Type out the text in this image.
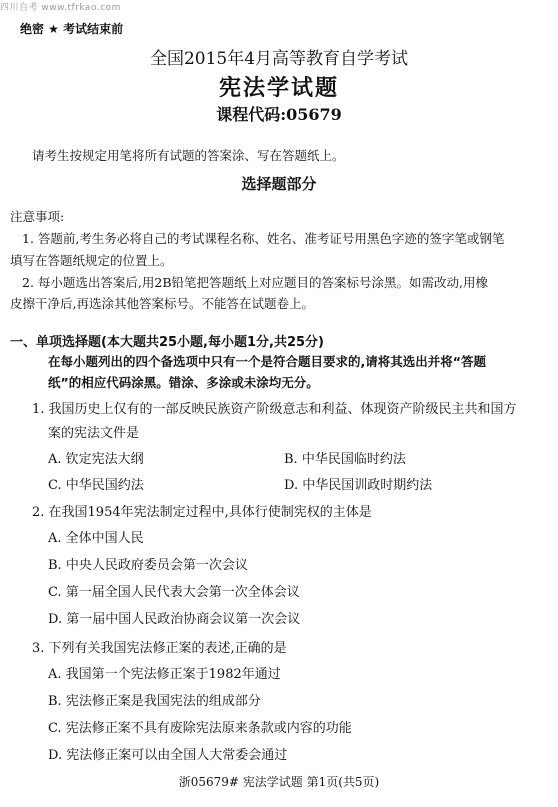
四川自考 www.tfrkao.com
绝密 ★ 考试结束前
全国2015年4月高等教育自学考试
宪法学试题
课程代码:05679
请考生按规定用笔将所有试题的答案涂、写在答题纸上。
选择题部分
注意事项:
1. 答题前,考生务必将自己的考试课程名称、姓名、准考证号用黑色字迹的签字笔或钢笔
填写在答题纸规定的位置上。
2. 每小题选出答案后,用2B铅笔把答题纸上对应题目的答案标号涂黑。如需改动,用橡
皮擦干净后,再选涂其他答案标号。不能答在试题卷上。
一、单项选择题(本大题共25小题,每小题1分,共25分)
在每小题列出的四个备选项中只有一个是符合题目要求的,请将其选出并将“答题
纸”的相应代码涂黑。错涂、多涂或未涂均无分。
1. 我国历史上仅有的一部反映民族资产阶级意志和利益、体现资产阶级民主共和国方
案的宪法文件是
A. 钦定宪法大纲	B. 中华民国临时约法
C. 中华民国约法	D. 中华民国训政时期约法
2. 在我国1954年宪法制定过程中,具体行使制宪权的主体是
A. 全体中国人民
B. 中央人民政府委员会第一次会议
C. 第一届全国人民代表大会第一次全体会议
D. 第一届中国人民政治协商会议第一次会议
3. 下列有关我国宪法修正案的表述,正确的是
A. 我国第一个宪法修正案于1982年通过
B. 宪法修正案是我国宪法的组成部分
C. 宪法修正案不具有废除宪法原来条款或内容的功能
D. 宪法修正案可以由全国人大常委会通过
浙05679# 宪法学试题 第1页(共5页)
